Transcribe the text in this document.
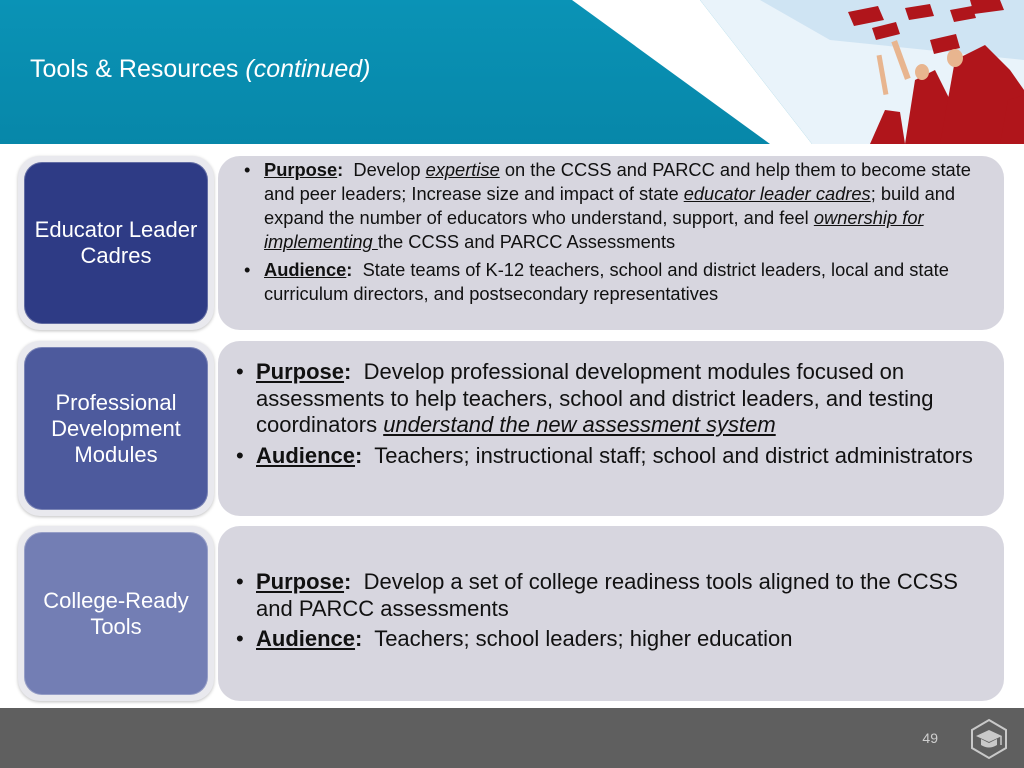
Tools & Resources (continued)
Educator Leader Cadres
• Purpose: Develop expertise on the CCSS and PARCC and help them to become state and peer leaders; Increase size and impact of state educator leader cadres; build and expand the number of educators who understand, support, and feel ownership for implementing the CCSS and PARCC Assessments
• Audience: State teams of K-12 teachers, school and district leaders, local and state curriculum directors, and postsecondary representatives
Professional Development Modules
• Purpose: Develop professional development modules focused on assessments to help teachers, school and district leaders, and testing coordinators understand the new assessment system
• Audience: Teachers; instructional staff; school and district administrators
College-Ready Tools
• Purpose: Develop a set of college readiness tools aligned to the CCSS and PARCC assessments
• Audience: Teachers; school leaders; higher education
49
